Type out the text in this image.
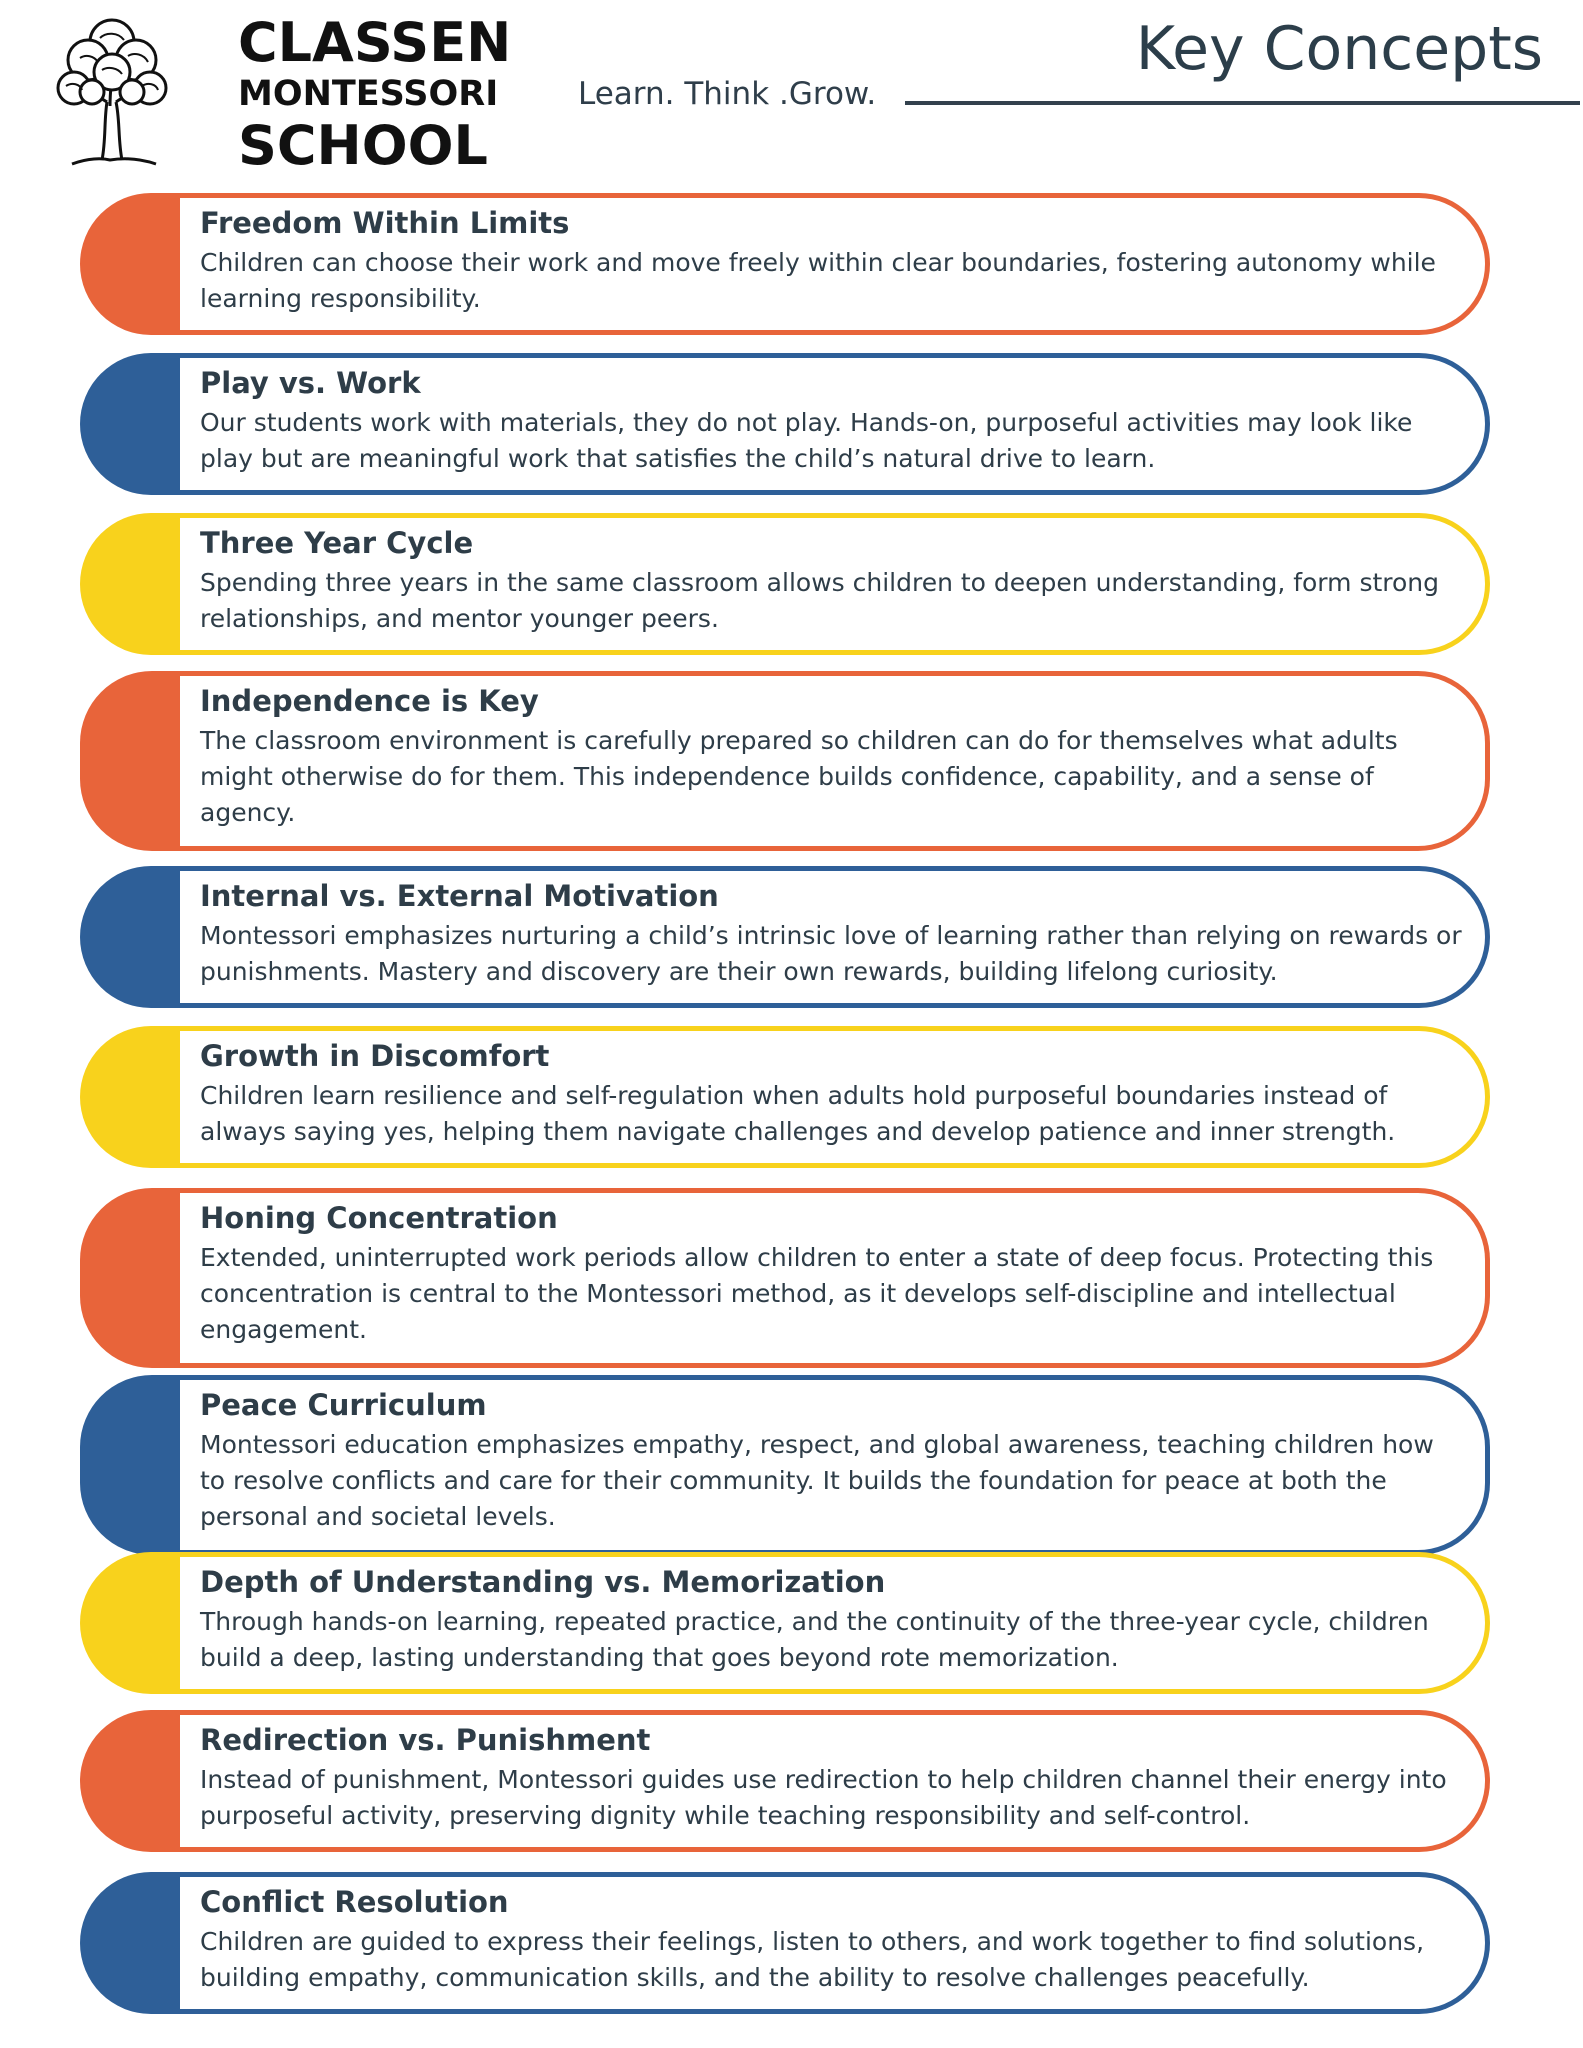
CLASSEN
MONTESSORI
SCHOOL
Learn. Think .Grow.
Key Concepts
Freedom Within Limits

Children can choose their work and move freely within clear boundaries, fostering autonomy while learning responsibility.

Play vs. Work

Our students work with materials, they do not play. Hands-on, purposeful activities may look like play but are meaningful work that satisfies the child’s natural drive to learn.

Three Year Cycle

Spending three years in the same classroom allows children to deepen understanding, form strong relationships, and mentor younger peers.

Independence is Key

The classroom environment is carefully prepared so children can do for themselves what adults might otherwise do for them. This independence builds confidence, capability, and a sense of agency.

Internal vs. External Motivation

Montessori emphasizes nurturing a child’s intrinsic love of learning rather than relying on rewards or punishments. Mastery and discovery are their own rewards, building lifelong curiosity.

Growth in Discomfort

Children learn resilience and self-regulation when adults hold purposeful boundaries instead of always saying yes, helping them navigate challenges and develop patience and inner strength.

Honing Concentration

Extended, uninterrupted work periods allow children to enter a state of deep focus. Protecting this concentration is central to the Montessori method, as it develops self-discipline and intellectual engagement.

Peace Curriculum

Montessori education emphasizes empathy, respect, and global awareness, teaching children how to resolve conflicts and care for their community. It builds the foundation for peace at both the personal and societal levels.

Depth of Understanding vs. Memorization

Through hands-on learning, repeated practice, and the continuity of the three-year cycle, children build a deep, lasting understanding that goes beyond rote memorization.

Redirection vs. Punishment

Instead of punishment, Montessori guides use redirection to help children channel their energy into purposeful activity, preserving dignity while teaching responsibility and self-control.

Conflict Resolution

Children are guided to express their feelings, listen to others, and work together to find solutions, building empathy, communication skills, and the ability to resolve challenges peacefully.
